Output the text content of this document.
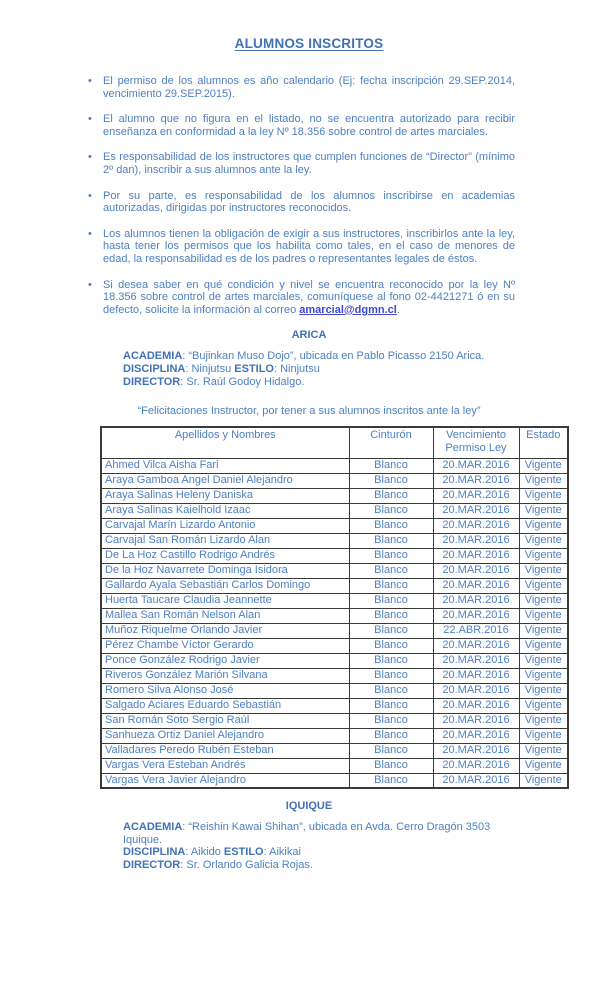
ALUMNOS INSCRITOS
• El permiso de los alumnos es año calendario (Ej: fecha inscripción 29.SEP.2014, vencimiento 29.SEP.2015).
• El alumno que no figura en el listado, no se encuentra autorizado para recibir enseñanza en conformidad a la ley Nº 18.356 sobre control de artes marciales.
• Es responsabilidad de los instructores que cumplen funciones de “Director” (mínimo 2º dan), inscribir a sus alumnos ante la ley.
• Por su parte, es responsabilidad de los alumnos inscribirse en academias autorizadas, dirigidas por instructores reconocidos.
• Los alumnos tienen la obligación de exigir a sus instructores, inscribirlos ante la ley, hasta tener los permisos que los habilita como tales, en el caso de menores de edad, la responsabilidad es de los padres o representantes legales de éstos.
• Si desea saber en qué condición y nivel se encuentra reconocido por la ley Nº 18.356 sobre control de artes marciales, comuníquese al fono 02-4421271 ó en su defecto, solicite la información al correo amarcial@dgmn.cl.
ARICA
ACADEMIA: “Bujinkan Muso Dojo”, ubicada en Pablo Picasso 2150 Arica.
DISCIPLINA: Ninjutsu ESTILO: Ninjutsu
DIRECTOR: Sr. Raúl Godoy Hidalgo.

“Felicitaciones Instructor, por tener a sus alumnos inscritos ante la ley”

Apellidos y Nombres	Cinturón	Vencimiento Permiso Ley	Estado
Ahmed Vilca Aisha Fari	Blanco	20.MAR.2016	Vigente
Araya Gamboa Angel Daniel Alejandro	Blanco	20.MAR.2016	Vigente
Araya Salinas Heleny Daniska	Blanco	20.MAR.2016	Vigente
Araya Salinas Kaielhold Izaac	Blanco	20.MAR.2016	Vigente
Carvajal Marín Lizardo Antonio	Blanco	20.MAR.2016	Vigente
Carvajal San Román Lizardo Alan	Blanco	20.MAR.2016	Vigente
De La Hoz Castillo Rodrigo Andrés	Blanco	20.MAR.2016	Vigente
De la Hoz Navarrete Dominga Isidora	Blanco	20.MAR.2016	Vigente
Gallardo Ayala Sebastián Carlos Domingo	Blanco	20.MAR.2016	Vigente
Huerta Taucare Claudia Jeannette	Blanco	20.MAR.2016	Vigente
Mallea San Román Nelson Alan	Blanco	20.MAR.2016	Vigente
Muñoz Riquelme Orlando Javier	Blanco	22.ABR.2016	Vigente
Pérez Chambe Víctor Gerardo	Blanco	20.MAR.2016	Vigente
Ponce González Rodrigo Javier	Blanco	20.MAR.2016	Vigente
Riveros González Marión Silvana	Blanco	20.MAR.2016	Vigente
Romero Silva Alonso José	Blanco	20.MAR.2016	Vigente
Salgado Aciares Eduardo Sebastián	Blanco	20.MAR.2016	Vigente
San Román Soto Sergio Raúl	Blanco	20.MAR.2016	Vigente
Sanhueza Ortiz Daniel Alejandro	Blanco	20.MAR.2016	Vigente
Valladares Peredo Rubén Esteban	Blanco	20.MAR.2016	Vigente
Vargas Vera Esteban Andrés	Blanco	20.MAR.2016	Vigente
Vargas Vera Javier Alejandro	Blanco	20.MAR.2016	Vigente
IQUIQUE
ACADEMIA: “Reishin Kawai Shihan”, ubicada en Avda. Cerro Dragón 3503 Iquique.
DISCIPLINA: Aikido ESTILO: Aikikai
DIRECTOR: Sr. Orlando Galicia Rojas.
